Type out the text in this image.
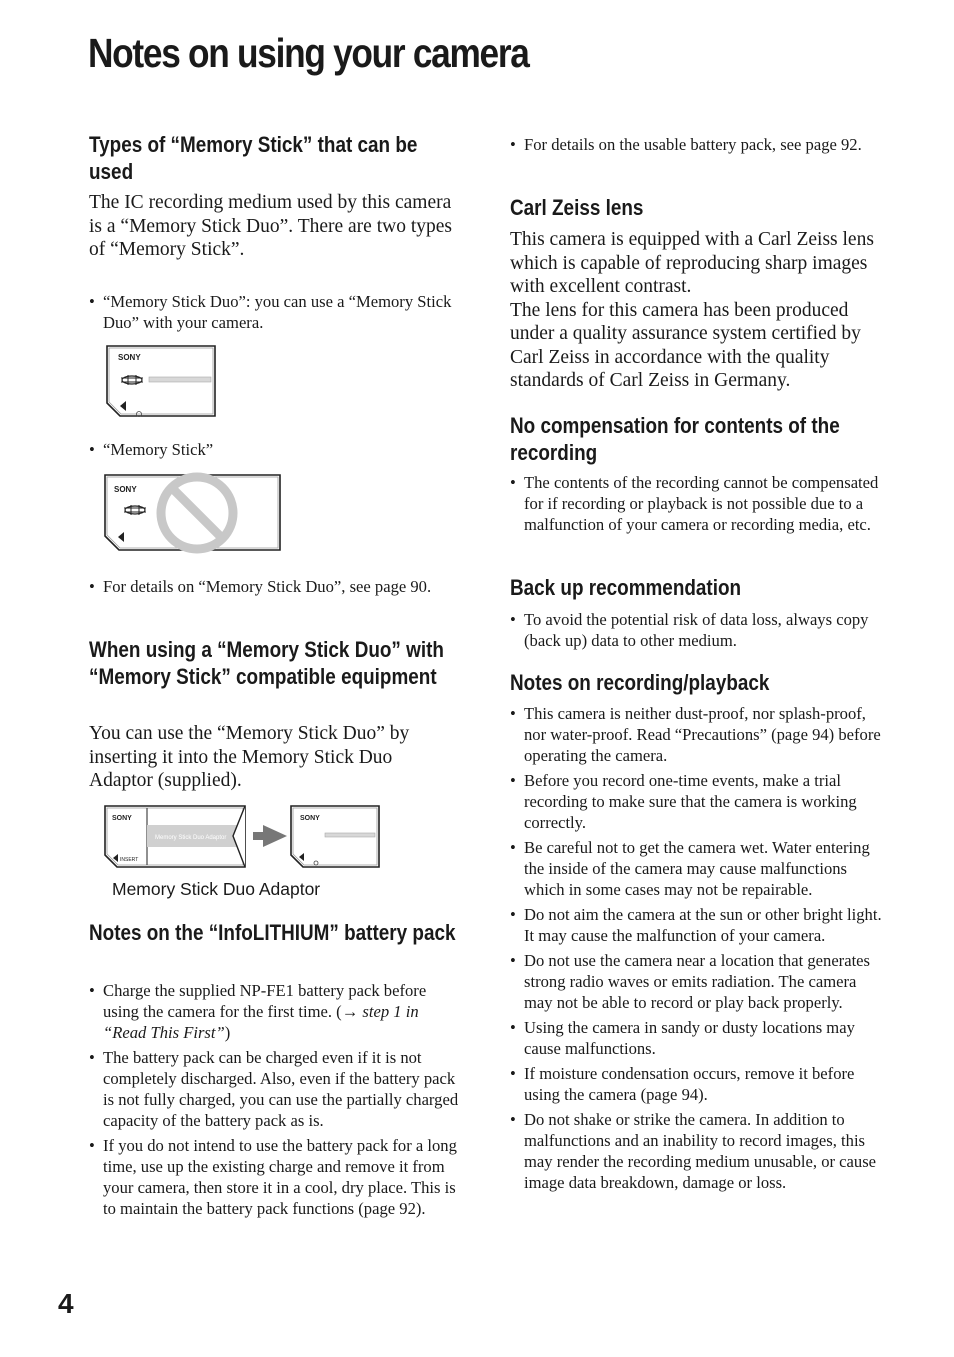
Notes on using your camera
Types of “Memory Stick” that can be used

The IC recording medium used by this camera is a “Memory Stick Duo”. There are two types of “Memory Stick”.

• “Memory Stick Duo”: you can use a “Memory Stick Duo” with your camera.
SONY
• “Memory Stick”
SONY
• For details on “Memory Stick Duo”, see page 90.
When using a “Memory Stick Duo” with “Memory Stick” compatible equipment

You can use the “Memory Stick Duo” by inserting it into the Memory Stick Duo Adaptor (supplied).

SONY
Memory Stick Duo Adaptor
INSERT
SONY
Memory Stick Duo Adaptor
Notes on the “InfoLITHIUM” battery pack
• Charge the supplied NP-FE1 battery pack before using the camera for the first time. (→ step 1 in “Read This First”)
• The battery pack can be charged even if it is not completely discharged. Also, even if the battery pack is not fully charged, you can use the partially charged capacity of the battery pack as is.
• If you do not intend to use the battery pack for a long time, use up the existing charge and remove it from your camera, then store it in a cool, dry place. This is to maintain the battery pack functions (page 92).
• For details on the usable battery pack, see page 92.
Carl Zeiss lens

This camera is equipped with a Carl Zeiss lens which is capable of reproducing sharp images with excellent contrast.

The lens for this camera has been produced under a quality assurance system certified by Carl Zeiss in accordance with the quality standards of Carl Zeiss in Germany.

No compensation for contents of the recording
• The contents of the recording cannot be compensated for if recording or playback is not possible due to a malfunction of your camera or recording media, etc.
Back up recommendation
• To avoid the potential risk of data loss, always copy (back up) data to other medium.
Notes on recording/playback
• This camera is neither dust-proof, nor splash-proof, nor water-proof. Read “Precautions” (page 94) before operating the camera.
• Before you record one-time events, make a trial recording to make sure that the camera is working correctly.
• Be careful not to get the camera wet. Water entering the inside of the camera may cause malfunctions which in some cases may not be repairable.
• Do not aim the camera at the sun or other bright light. It may cause the malfunction of your camera.
• Do not use the camera near a location that generates strong radio waves or emits radiation. The camera may not be able to record or play back properly.
• Using the camera in sandy or dusty locations may cause malfunctions.
• If moisture condensation occurs, remove it before using the camera (page 94).
• Do not shake or strike the camera. In addition to malfunctions and an inability to record images, this may render the recording medium unusable, or cause image data breakdown, damage or loss.
4
